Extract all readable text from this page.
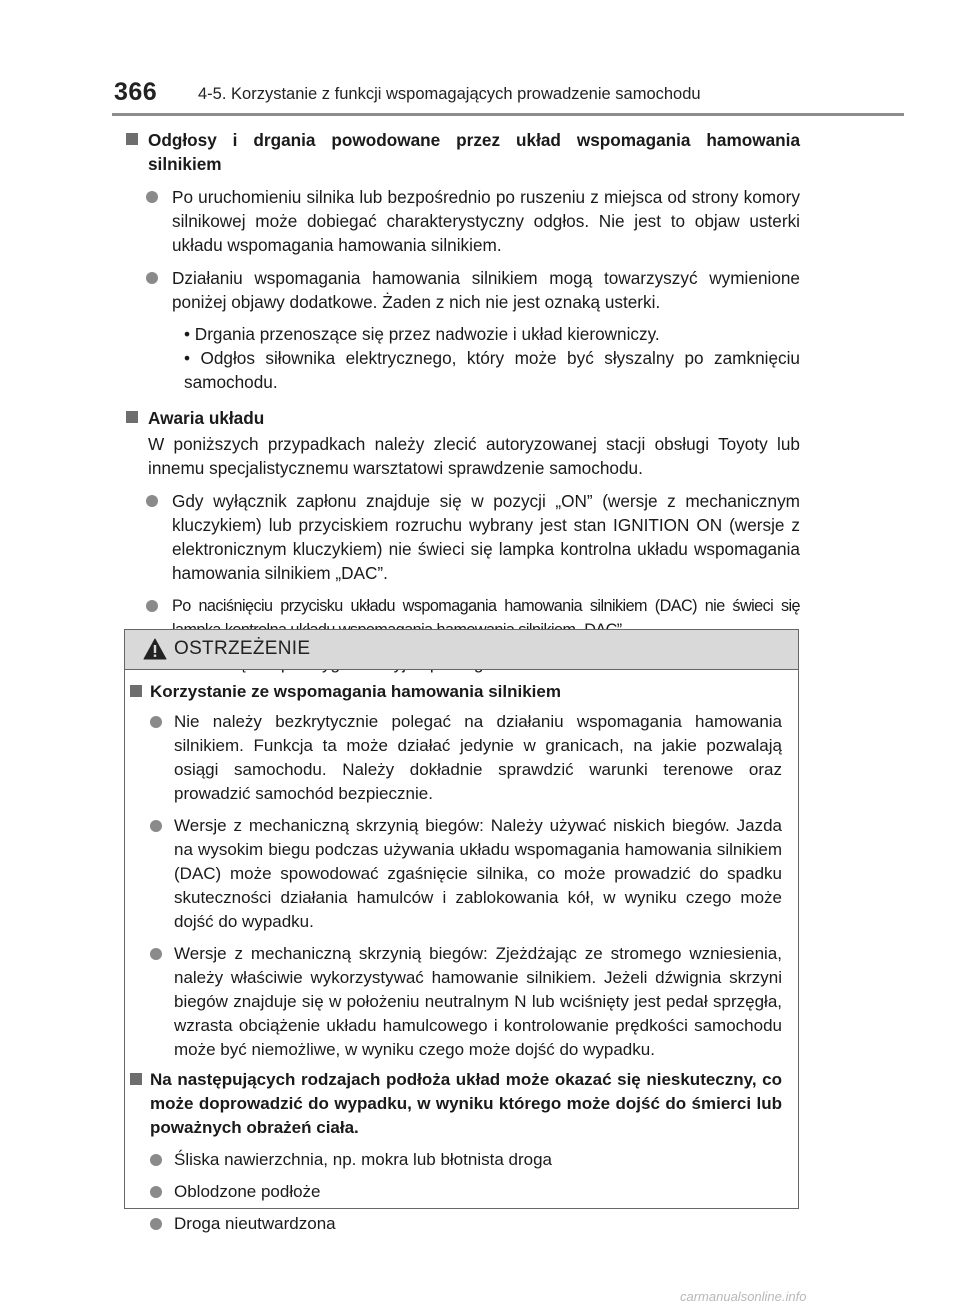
366 4-5. Korzystanie z funkcji wspomagających prowadzenie samochodu
Odgłosy i drgania powodowane przez układ wspomagania hamowania silnikiem
Po uruchomieniu silnika lub bezpośrednio po ruszeniu z miejsca od strony komory silnikowej może dobiegać charakterystyczny odgłos. Nie jest to objaw usterki układu wspomagania hamowania silnikiem.
Działaniu wspomagania hamowania silnikiem mogą towarzyszyć wymienione poniżej objawy dodatkowe. Żaden z nich nie jest oznaką usterki.
• Drgania przenoszące się przez nadwozie i układ kierowniczy.
• Odgłos siłownika elektrycznego, który może być słyszalny po zamknięciu samochodu.
Awaria układu
W poniższych przypadkach należy zlecić autoryzowanej stacji obsługi Toyoty lub innemu specjalistycznemu warsztatowi sprawdzenie samochodu.
Gdy wyłącznik zapłonu znajduje się w pozycji „ON” (wersje z mechanicznym kluczykiem) lub przyciskiem rozruchu wybrany jest stan IGNITION ON (wersje z elektronicznym kluczykiem) nie świeci się lampka kontrolna układu wspomagania hamowania silnikiem „DAC”.
Po naciśnięciu przycisku układu wspomagania hamowania silnikiem (DAC) nie świeci się
OSTRZEŻENIE
Korzystanie ze wspomagania hamowania silnikiem
Nie należy bezkrytycznie polegać na działaniu wspomagania hamowania silnikiem. Funkcja ta może działać jedynie w granicach, na jakie pozwalają osiągi samochodu. Należy dokładnie sprawdzić warunki terenowe oraz prowadzić samochód bezpiecznie.
Wersje z mechaniczną skrzynią biegów: Należy używać niskich biegów. Jazda na wysokim biegu podczas używania układu wspomagania hamowania silnikiem (DAC) może spowodować zgaśnięcie silnika, co może prowadzić do spadku skuteczności działania hamulców i zablokowania kół, w wyniku czego może dojść do wypadku.
Wersje z mechaniczną skrzynią biegów: Zjeżdżając ze stromego wzniesienia, należy właściwie wykorzystywać hamowanie silnikiem. Jeżeli dźwignia skrzyni biegów znajduje się w położeniu neutralnym N lub wciśnięty jest pedał sprzęgła, wzrasta obciążenie układu hamulcowego i kontrolowanie prędkości samochodu może być niemożliwe, w wyniku czego może dojść do wypadku.
Na następujących rodzajach podłoża układ może okazać się nieskuteczny, co może doprowadzić do wypadku, w wyniku którego może dojść do śmierci lub poważnych obrażeń ciała.
Śliska nawierzchnia, np. mokra lub błotnista droga
Oblodzone podłoże
Droga nieutwardzona
carmanualsonline.info
